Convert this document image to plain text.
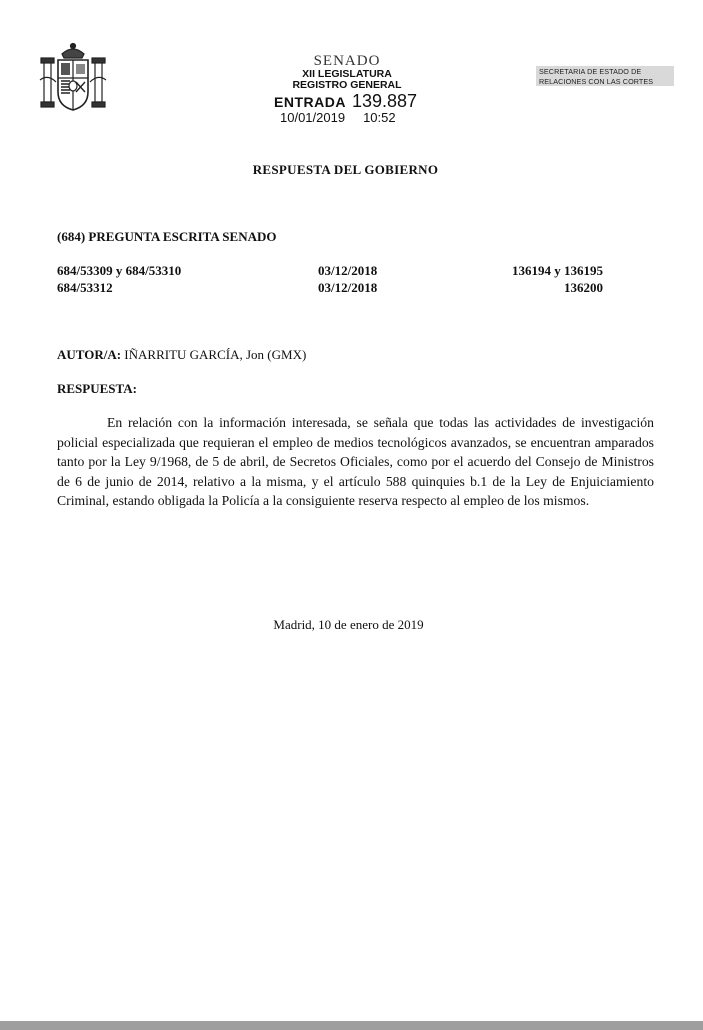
SENADO
XII LEGISLATURA
REGISTRO GENERAL
ENTRADA 139.887
10/01/2019 10:52
SECRETARIA DE ESTADO DE
RELACIONES CON LAS CORTES
RESPUESTA DEL GOBIERNO
(684) PREGUNTA ESCRITA SENADO
684/53309 y 684/53310	03/12/2018	136194 y 136195
684/53312	03/12/2018	136200
AUTOR/A: IÑARRITU GARCÍA, Jon (GMX)
RESPUESTA:
En relación con la información interesada, se señala que todas las actividades de investigación policial especializada que requieran el empleo de medios tecnológicos avanzados, se encuentran amparados tanto por la Ley 9/1968, de 5 de abril, de Secretos Oficiales, como por el acuerdo del Consejo de Ministros de 6 de junio de 2014, relativo a la misma, y el artículo 588 quinquies b.1 de la Ley de Enjuiciamiento Criminal, estando obligada la Policía a la consiguiente reserva respecto al empleo de los mismos.
Madrid, 10 de enero de 2019
